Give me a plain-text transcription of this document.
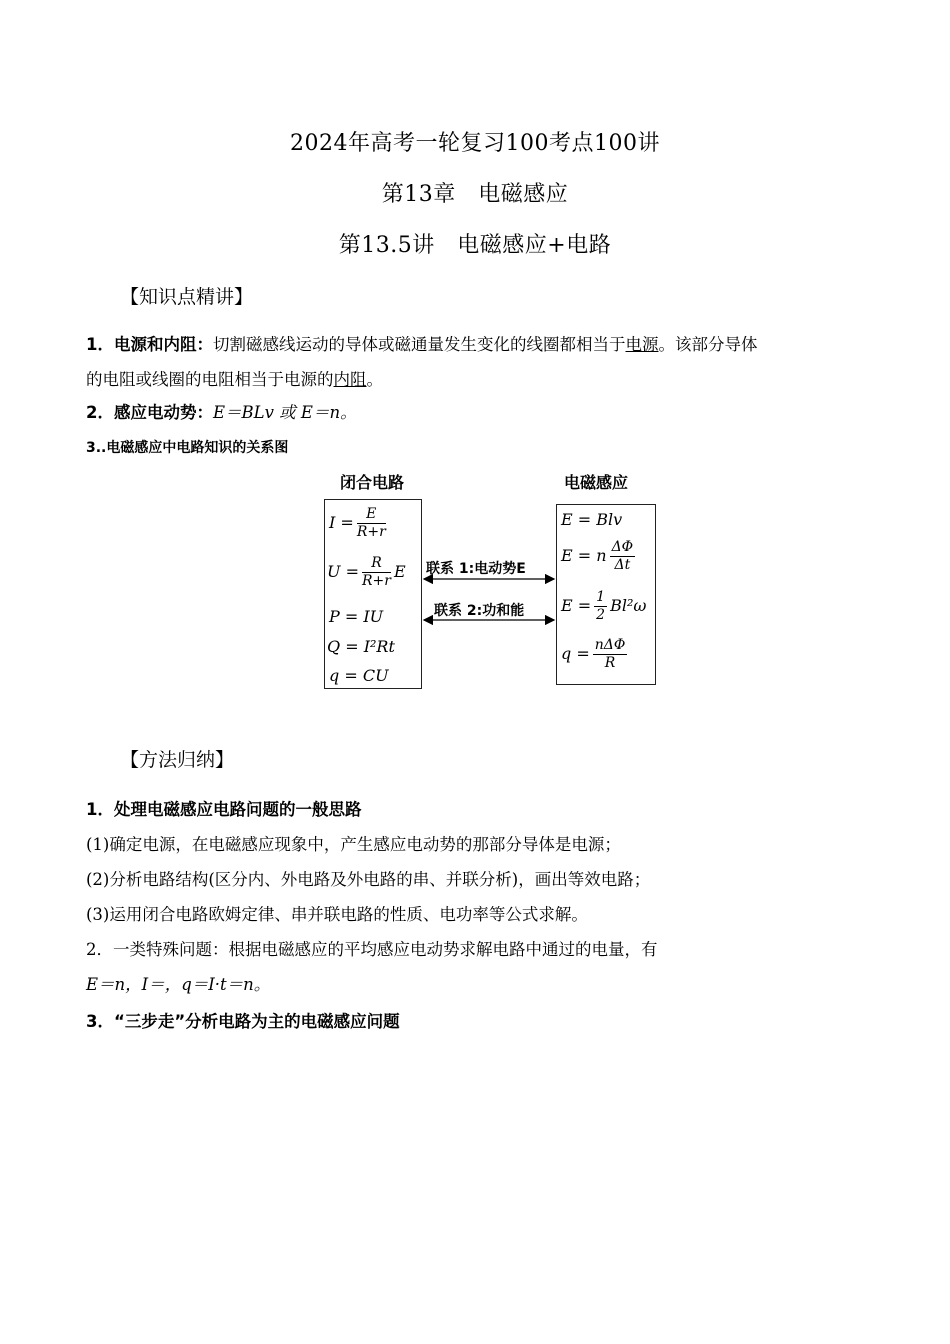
2024年高考一轮复习100考点100讲
第13章　电磁感应
第13.5讲　电磁感应+电路
【知识点精讲】
1．电源和内阻：切割磁感线运动的导体或磁通量发生变化的线圈都相当于电源。该部分导体
的电阻或线圈的电阻相当于电源的内阻。
2．感应电动势：E＝BLv 或 E＝n。
3..电磁感应中电路知识的关系图
闭合电路	电磁感应
$I = \frac{E}{R+r}$
$U = \frac{R}{R+r}$ E
P = IU
Q = I²Rt
q = CU
E = Blv
E = n $\frac{\Delta\Phi}{\Delta t}$
$E = \frac{1}{2} Bl^2\omega$
$q = \frac{\text{nΔΦ}}{R}$
联系 1:电动势E
联系 2:功和能
【方法归纳】
1．处理电磁感应电路问题的一般思路
(1)确定电源，在电磁感应现象中，产生感应电动势的那部分导体是电源；
(2)分析电路结构(区分内、外电路及外电路的串、并联分析)，画出等效电路；
(3)运用闭合电路欧姆定律、串并联电路的性质、电功率等公式求解。
2．一类特殊问题：根据电磁感应的平均感应电动势求解电路中通过的电量，有
E＝n，I＝，q＝I·t＝n。
3．“三步走”分析电路为主的电磁感应问题
